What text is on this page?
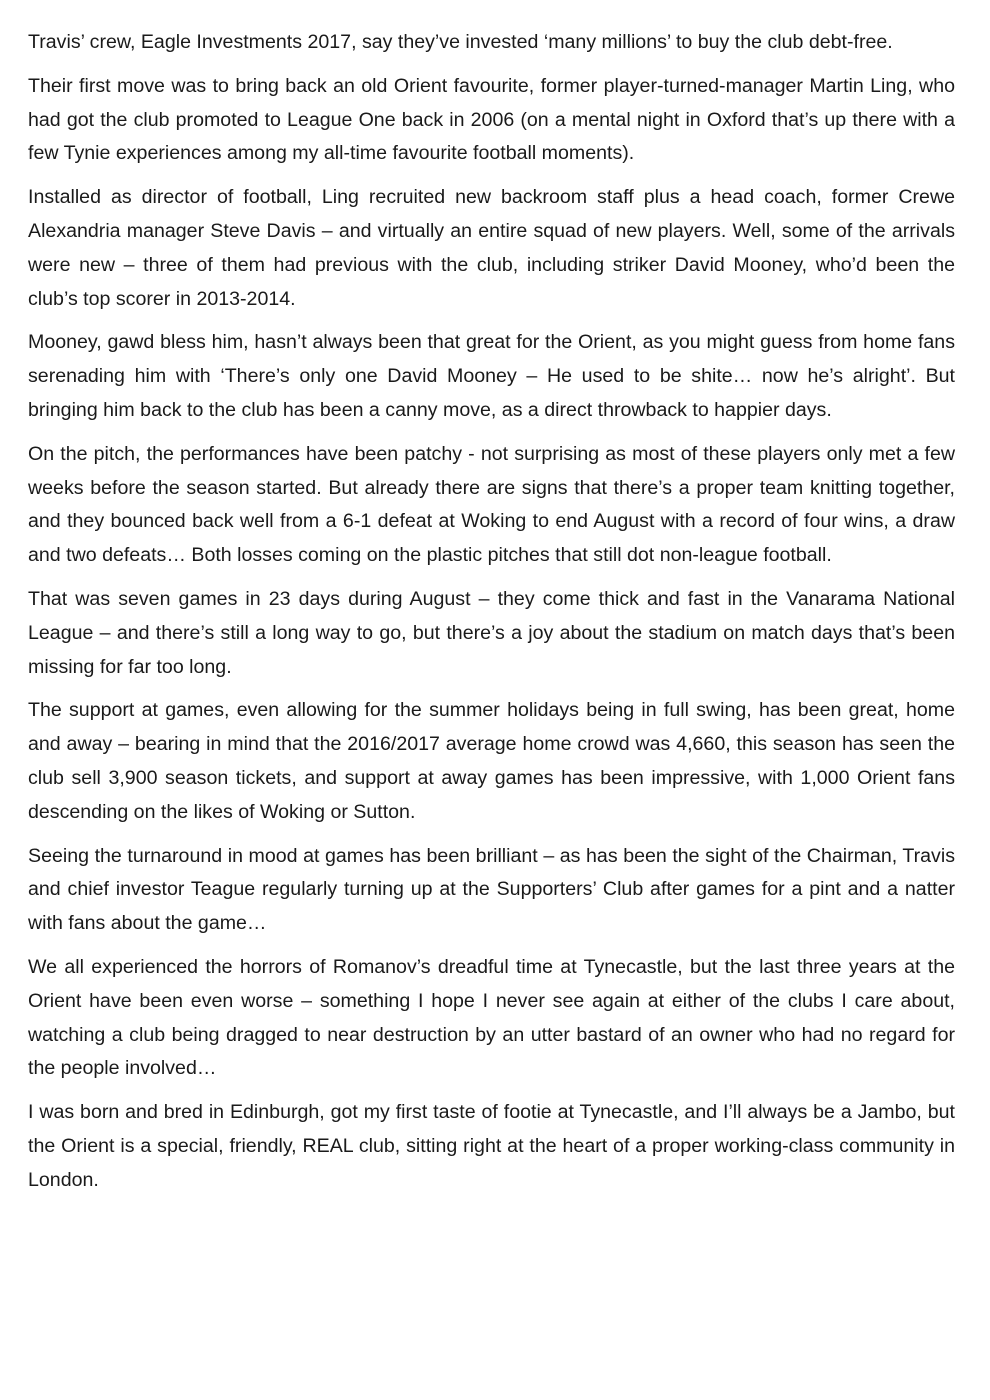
Travis’ crew, Eagle Investments 2017, say they’ve invested ‘many millions’ to buy the club debt-free.

Their first move was to bring back an old Orient favourite, former player-turned-manager Martin Ling, who had got the club promoted to League One back in 2006 (on a mental night in Oxford that’s up there with a few Tynie experiences among my all-time favourite football moments).

Installed as director of football, Ling recruited new backroom staff plus a head coach, former Crewe Alexandria manager Steve Davis – and virtually an entire squad of new players. Well, some of the arrivals were new – three of them had previous with the club, including striker David Mooney, who’d been the club’s top scorer in 2013-2014.

Mooney, gawd bless him, hasn’t always been that great for the Orient, as you might guess from home fans serenading him with ‘There’s only one David Mooney – He used to be shite… now he’s alright’. But bringing him back to the club has been a canny move, as a direct throwback to happier days.

On the pitch, the performances have been patchy - not surprising as most of these players only met a few weeks before the season started. But already there are signs that there’s a proper team knitting together, and they bounced back well from a 6-1 defeat at Woking to end August with a record of four wins, a draw and two defeats… Both losses coming on the plastic pitches that still dot non-league football.

That was seven games in 23 days during August – they come thick and fast in the Vanarama National League – and there’s still a long way to go, but there’s a joy about the stadium on match days that’s been missing for far too long.

The support at games, even allowing for the summer holidays being in full swing, has been great, home and away – bearing in mind that the 2016/2017 average home crowd was 4,660, this season has seen the club sell 3,900 season tickets, and support at away games has been impressive, with 1,000 Orient fans descending on the likes of Woking or Sutton.

Seeing the turnaround in mood at games has been brilliant – as has been the sight of the Chairman, Travis and chief investor Teague regularly turning up at the Supporters’ Club after games for a pint and a natter with fans about the game…

We all experienced the horrors of Romanov’s dreadful time at Tynecastle, but the last three years at the Orient have been even worse – something I hope I never see again at either of the clubs I care about, watching a club being dragged to near destruction by an utter bastard of an owner who had no regard for the people involved…

I was born and bred in Edinburgh, got my first taste of footie at Tynecastle, and I’ll always be a Jambo, but the Orient is a special, friendly, REAL club, sitting right at the heart of a proper working-class community in London.
